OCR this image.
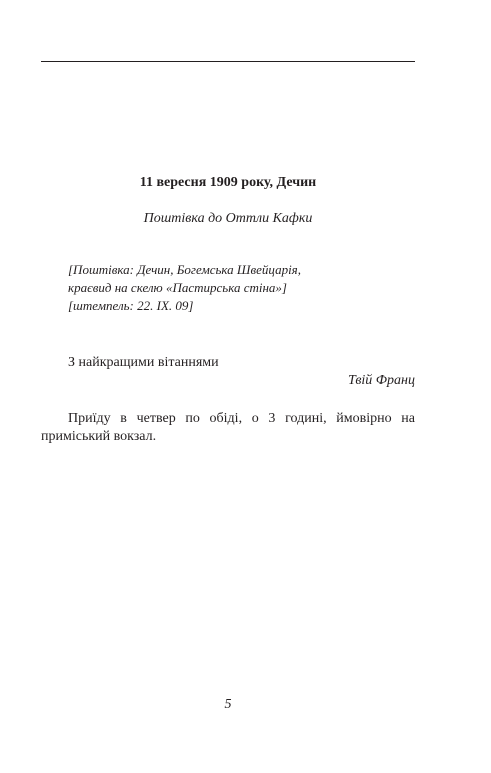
11 вересня 1909 року, Дечин
Поштівка до Оттли Кафки
[Поштівка: Дечин, Богемська Швейцарія,
краєвид на скелю «Пастирська стіна»]
[штемпель: 22. IX. 09]
З найкращими вітаннями
Твій Франц

Приїду в четвер по обіді, о 3 годині, ймовірно на приміський вокзал.

5
